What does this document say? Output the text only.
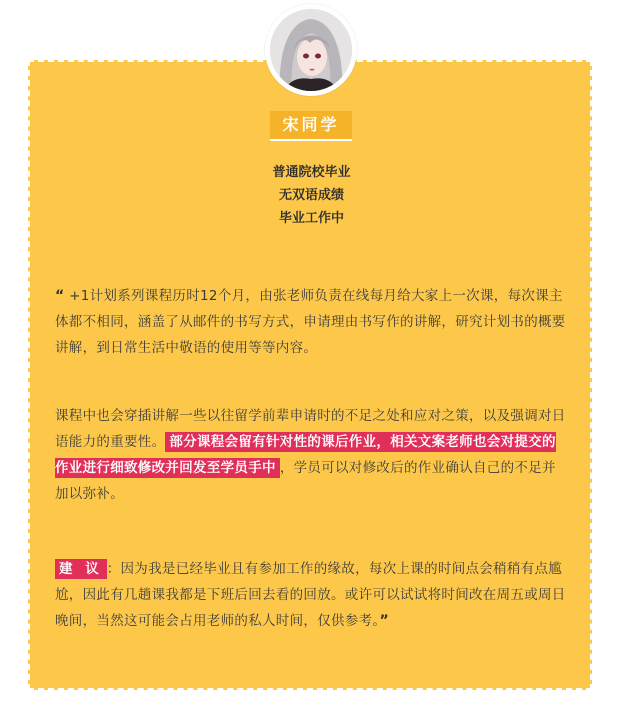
宋同学
普通院校毕业
无双语成绩
毕业工作中
“ +1计划系列课程历时12个月，由张老师负责在线每月给大家上一次课，每次课主体都不相同，涵盖了从邮件的书写方式，申请理由书写作的讲解，研究计划书的概要讲解，到日常生活中敬语的使用等等内容。
课程中也会穿插讲解一些以往留学前辈申请时的不足之处和应对之策，以及强调对日语能力的重要性。 部分课程会留有针对性的课后作业，相关文案老师也会对提交的作业进行细致修改并回发至学员手中 ，学员可以对修改后的作业确认自己的不足并加以弥补。
建 议 ：因为我是已经毕业且有参加工作的缘故，每次上课的时间点会稍稍有点尴尬，因此有几趟课我都是下班后回去看的回放。或许可以试试将时间改在周五或周日晚间，当然这可能会占用老师的私人时间，仅供参考。”
